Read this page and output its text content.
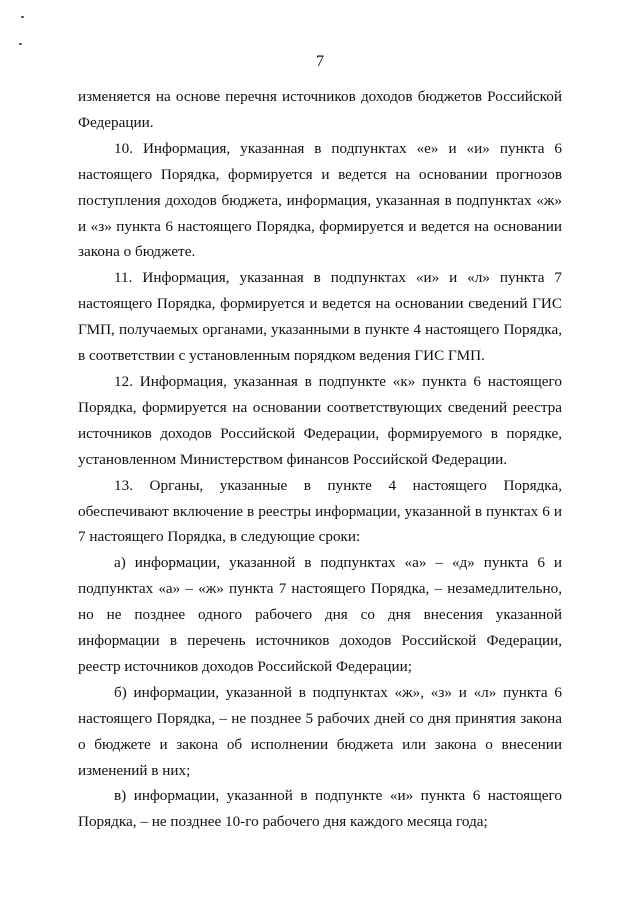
7

изменяется на основе перечня источников доходов бюджетов Российской Федерации.

10. Информация, указанная в подпунктах «е» и «и» пункта 6 настоящего Порядка, формируется и ведется на основании прогнозов поступления доходов бюджета, информация, указанная в подпунктах «ж» и «з» пункта 6 настоящего Порядка, формируется и ведется на основании закона о бюджете.

11. Информация, указанная в подпунктах «и» и «л» пункта 7 настоящего Порядка, формируется и ведется на основании сведений ГИС ГМП, получаемых органами, указанными в пункте 4 настоящего Порядка, в соответствии с установленным порядком ведения ГИС ГМП.

12. Информация, указанная в подпункте «к» пункта 6 настоящего Порядка, формируется на основании соответствующих сведений реестра источников доходов Российской Федерации, формируемого в порядке, установленном Министерством финансов Российской Федерации.

13. Органы, указанные в пункте 4 настоящего Порядка, обеспечивают включение в реестры информации, указанной в пунктах 6 и 7 настоящего Порядка, в следующие сроки:

а) информации, указанной в подпунктах «а» – «д» пункта 6 и подпунктах «а» – «ж» пункта 7 настоящего Порядка, – незамедлительно, но не позднее одного рабочего дня со дня внесения указанной информации в перечень источников доходов Российской Федерации, реестр источников доходов Российской Федерации;

б) информации, указанной в подпунктах «ж», «з» и «л» пункта 6 настоящего Порядка, – не позднее 5 рабочих дней со дня принятия закона о бюджете и закона об исполнении бюджета или закона о внесении изменений в них;

в) информации, указанной в подпункте «и» пункта 6 настоящего Порядка, – не позднее 10-го рабочего дня каждого месяца года;
